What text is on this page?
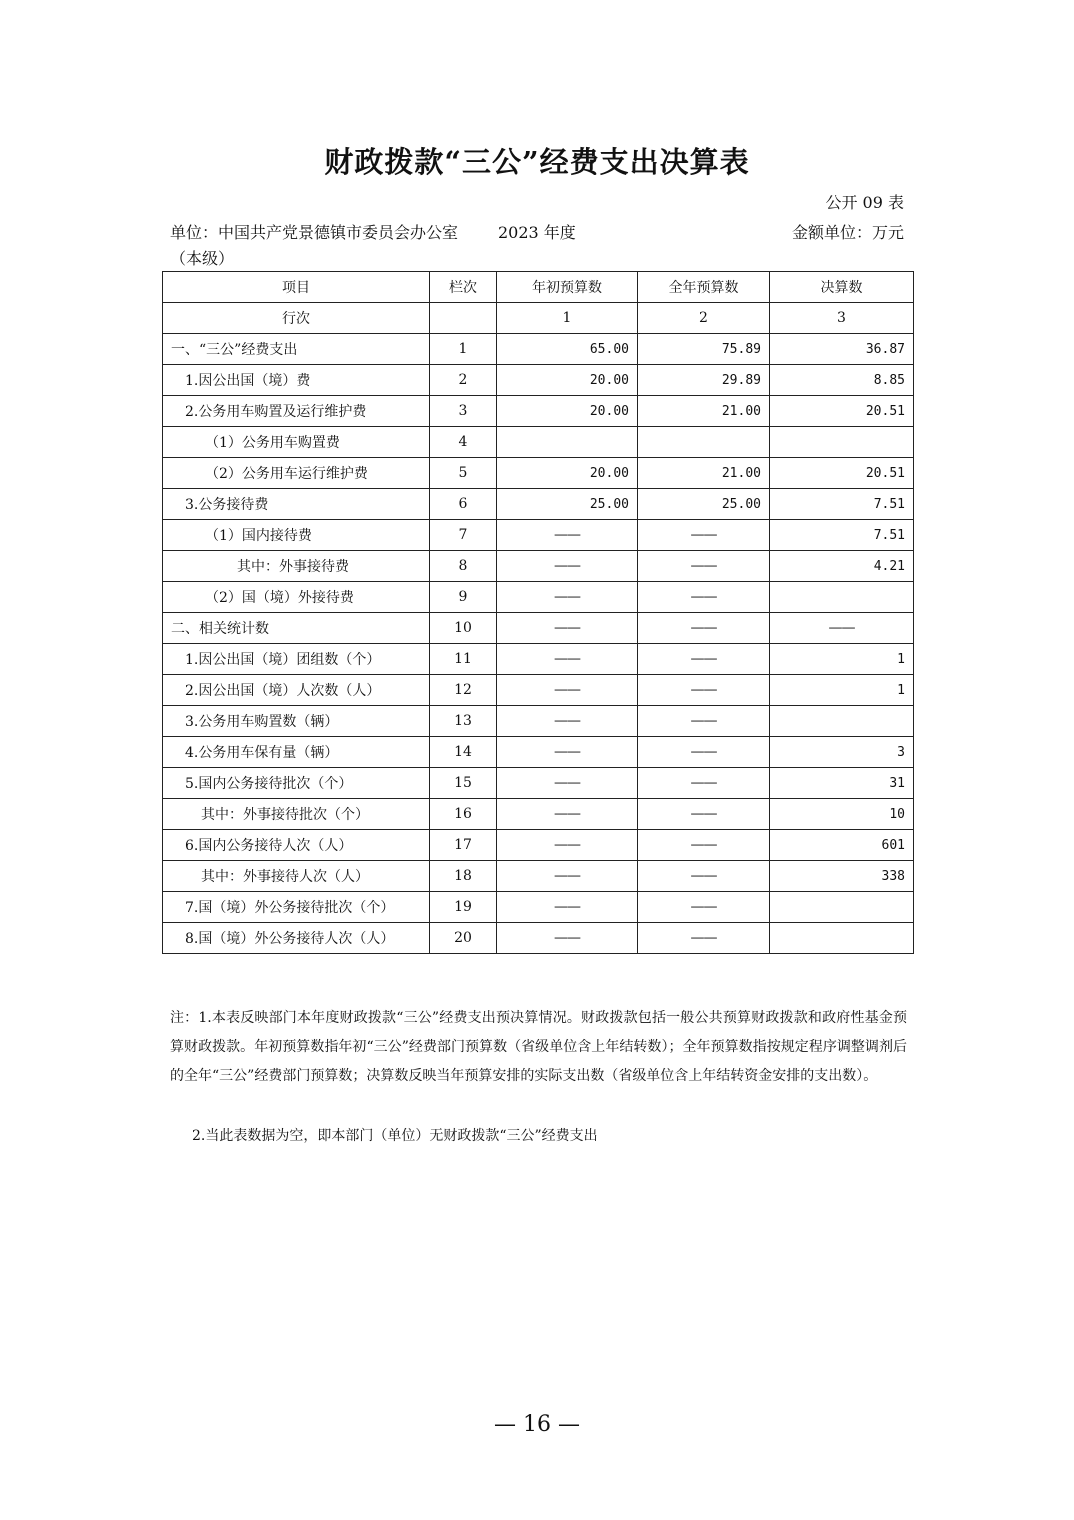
财政拨款“三公”经费支出决算表
公开 09 表
单位：中国共产党景德镇市委员会办公室（本级）
2023 年度	金额单位：万元
项目	栏次	年初预算数	全年预算数	决算数
行次		1	2	3
一、“三公”经费支出	1	65.00	75.89	36.87
1.因公出国（境）费	2	20.00	29.89	8.85
2.公务用车购置及运行维护费	3	20.00	21.00	20.51
（1）公务用车购置费	4			
（2）公务用车运行维护费	5	20.00	21.00	20.51
3.公务接待费	6	25.00	25.00	7.51
（1）国内接待费	7	——	——	7.51
其中：外事接待费	8	——	——	4.21
（2）国（境）外接待费	9	——	——	
二、相关统计数	10	——	——	——
1.因公出国（境）团组数（个）	11	——	——	1
2.因公出国（境）人次数（人）	12	——	——	1
3.公务用车购置数（辆）	13	——	——	
4.公务用车保有量（辆）	14	——	——	3
5.国内公务接待批次（个）	15	——	——	31
其中：外事接待批次（个）	16	——	——	10
6.国内公务接待人次（人）	17	——	——	601
其中：外事接待人次（人）	18	——	——	338
7.国（境）外公务接待批次（个）	19	——	——	
8.国（境）外公务接待人次（人）	20	——	——	
注：1.本表反映部门本年度财政拨款“三公”经费支出预决算情况。财政拨款包括一般公共预算财政拨款和政府性基金预算财政拨款。年初预算数指年初“三公”经费部门预算数（省级单位含上年结转数）；全年预算数指按规定程序调整调剂后的全年“三公”经费部门预算数；决算数反映当年预算安排的实际支出数（省级单位含上年结转资金安排的支出数）。
2.当此表数据为空，即本部门（单位）无财政拨款“三公”经费支出
— 16 —
